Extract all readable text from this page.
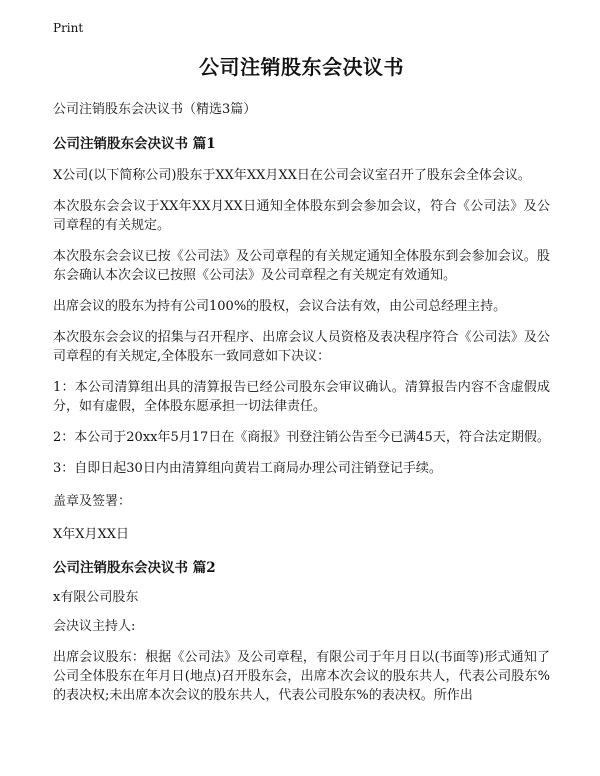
Print
公司注销股东会决议书
公司注销股东会决议书（精选3篇）
公司注销股东会决议书 篇1
X公司(以下简称公司)股东于XX年XX月XX日在公司会议室召开了股东会全体会议。
本次股东会会议于XX年XX月XX日通知全体股东到会参加会议，符合《公司法》及公司章程的有关规定。
本次股东会会议已按《公司法》及公司章程的有关规定通知全体股东到会参加会议。股东会确认本次会议已按照《公司法》及公司章程之有关规定有效通知。
出席会议的股东为持有公司100%的股权，会议合法有效，由公司总经理主持。
本次股东会会议的招集与召开程序、出席会议人员资格及表决程序符合《公司法》及公司章程的有关规定,全体股东一致同意如下决议：
1：本公司清算组出具的清算报告已经公司股东会审议确认。清算报告内容不含虚假成分，如有虚假，全体股东愿承担一切法律责任。
2：本公司于20xx年5月17日在《商报》刊登注销公告至今已满45天，符合法定期假。
3：自即日起30日内由清算组向黄岩工商局办理公司注销登记手续。
盖章及签署：
X年X月XX日
公司注销股东会决议书 篇2
x有限公司股东
会决议主持人:
出席会议股东：根据《公司法》及公司章程，有限公司于年月日以(书面等)形式通知了公司全体股东在年月日(地点)召开股东会，出席本次会议的股东共人，代表公司股东%的表决权;未出席本次会议的股东共人，代表公司股东%的表决权。所作出
